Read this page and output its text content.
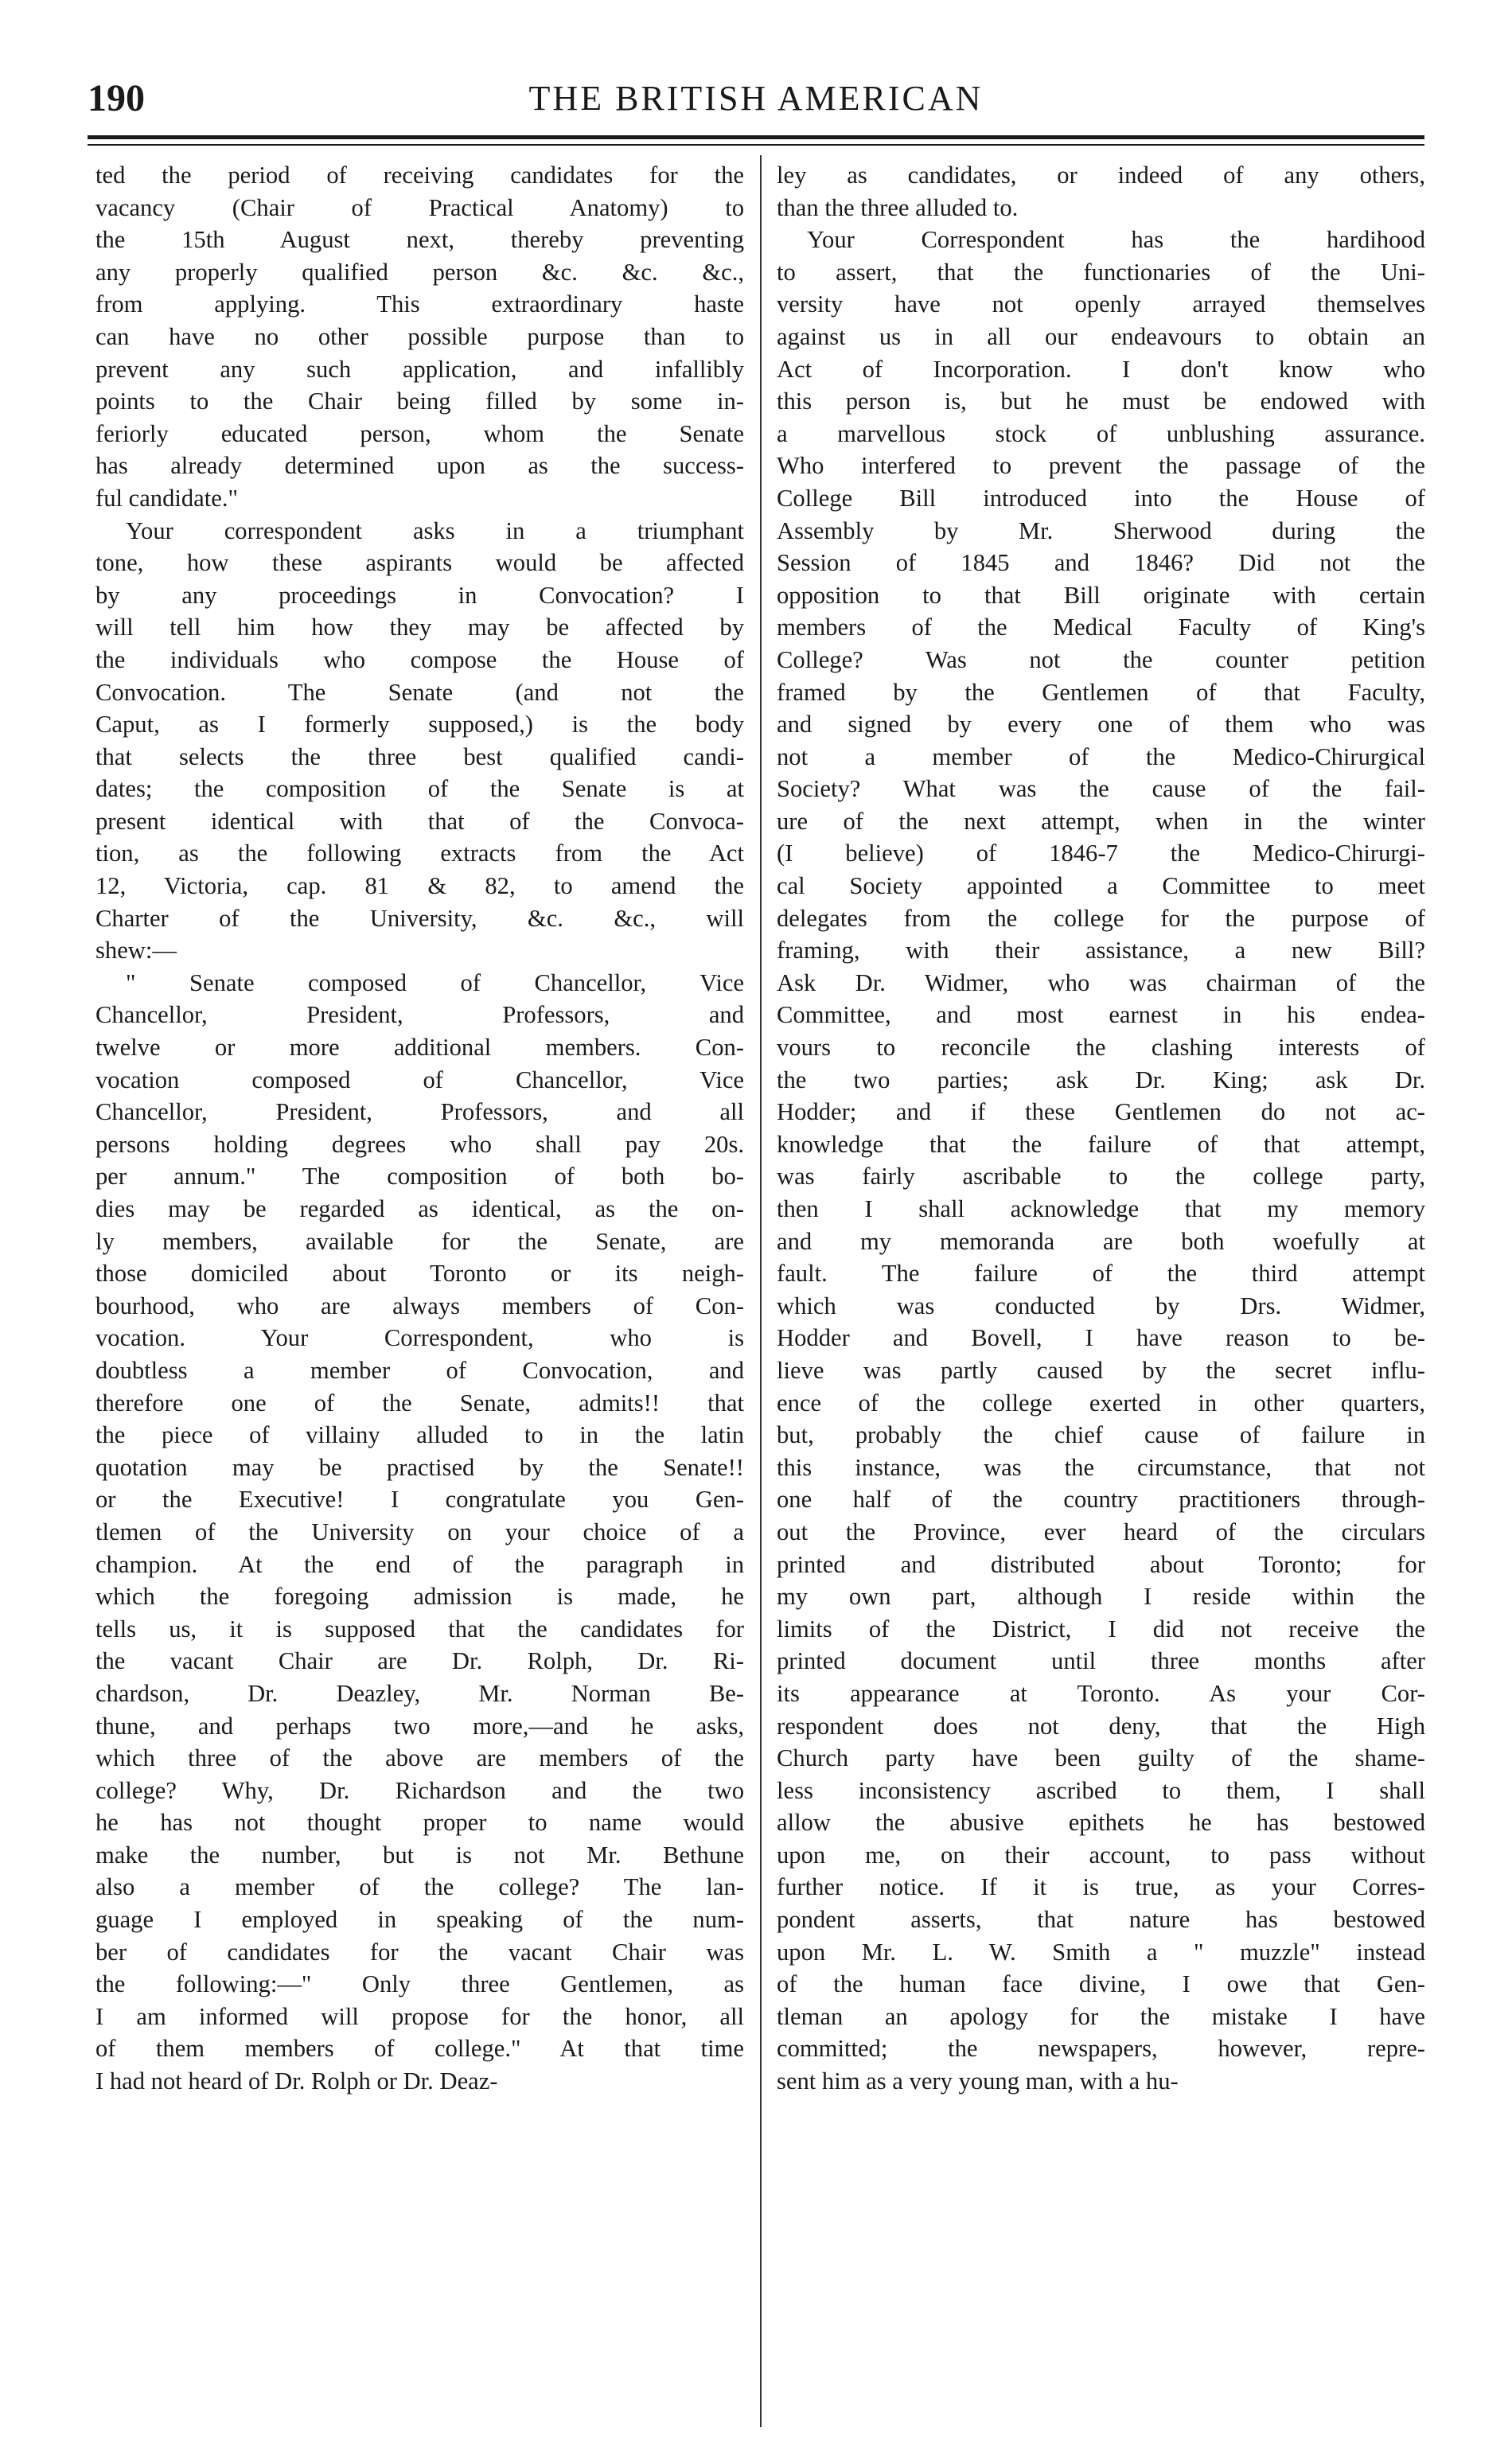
190	THE BRITISH AMERICAN
ted the period of receiving candidates for the
vacancy (Chair of Practical Anatomy) to
the 15th August next, thereby preventing
any properly qualified person &c. &c. &c.,
from applying. This extraordinary haste
can have no other possible purpose than to
prevent any such application, and infallibly
points to the Chair being filled by some in-
feriorly educated person, whom the Senate
has already determined upon as the success-
ful candidate."
Your correspondent asks in a triumphant
tone, how these aspirants would be affected
by any proceedings in Convocation? I
will tell him how they may be affected by
the individuals who compose the House of
Convocation. The Senate (and not the
Caput, as I formerly supposed,) is the body
that selects the three best qualified candi-
dates; the composition of the Senate is at
present identical with that of the Convoca-
tion, as the following extracts from the Act
12, Victoria, cap. 81 & 82, to amend the
Charter of the University, &c. &c., will
shew:—
" Senate composed of Chancellor, Vice
Chancellor, President, Professors, and
twelve or more additional members. Con-
vocation composed of Chancellor, Vice
Chancellor, President, Professors, and all
persons holding degrees who shall pay 20s.
per annum." The composition of both bo-
dies may be regarded as identical, as the on-
ly members, available for the Senate, are
those domiciled about Toronto or its neigh-
bourhood, who are always members of Con-
vocation. Your Correspondent, who is
doubtless a member of Convocation, and
therefore one of the Senate, admits!! that
the piece of villainy alluded to in the latin
quotation may be practised by the Senate!!
or the Executive! I congratulate you Gen-
tlemen of the University on your choice of a
champion. At the end of the paragraph in
which the foregoing admission is made, he
tells us, it is supposed that the candidates for
the vacant Chair are Dr. Rolph, Dr. Ri-
chardson, Dr. Deazley, Mr. Norman Be-
thune, and perhaps two more,—and he asks,
which three of the above are members of the
college? Why, Dr. Richardson and the two
he has not thought proper to name would
make the number, but is not Mr. Bethune
also a member of the college? The lan-
guage I employed in speaking of the num-
ber of candidates for the vacant Chair was
the following:—" Only three Gentlemen, as
I am informed will propose for the honor, all
of them members of college." At that time
I had not heard of Dr. Rolph or Dr. Deaz-
ley as candidates, or indeed of any others,
than the three alluded to.
Your Correspondent has the hardihood
to assert, that the functionaries of the Uni-
versity have not openly arrayed themselves
against us in all our endeavours to obtain an
Act of Incorporation. I don't know who
this person is, but he must be endowed with
a marvellous stock of unblushing assurance.
Who interfered to prevent the passage of the
College Bill introduced into the House of
Assembly by Mr. Sherwood during the
Session of 1845 and 1846? Did not the
opposition to that Bill originate with certain
members of the Medical Faculty of King's
College? Was not the counter petition
framed by the Gentlemen of that Faculty,
and signed by every one of them who was
not a member of the Medico-Chirurgical
Society? What was the cause of the fail-
ure of the next attempt, when in the winter
(I believe) of 1846-7 the Medico-Chirurgi-
cal Society appointed a Committee to meet
delegates from the college for the purpose of
framing, with their assistance, a new Bill?
Ask Dr. Widmer, who was chairman of the
Committee, and most earnest in his endea-
vours to reconcile the clashing interests of
the two parties; ask Dr. King; ask Dr.
Hodder; and if these Gentlemen do not ac-
knowledge that the failure of that attempt,
was fairly ascribable to the college party,
then I shall acknowledge that my memory
and my memoranda are both woefully at
fault. The failure of the third attempt
which was conducted by Drs. Widmer,
Hodder and Bovell, I have reason to be-
lieve was partly caused by the secret influ-
ence of the college exerted in other quarters,
but, probably the chief cause of failure in
this instance, was the circumstance, that not
one half of the country practitioners through-
out the Province, ever heard of the circulars
printed and distributed about Toronto; for
my own part, although I reside within the
limits of the District, I did not receive the
printed document until three months after
its appearance at Toronto. As your Cor-
respondent does not deny, that the High
Church party have been guilty of the shame-
less inconsistency ascribed to them, I shall
allow the abusive epithets he has bestowed
upon me, on their account, to pass without
further notice. If it is true, as your Corres-
pondent asserts, that nature has bestowed
upon Mr. L. W. Smith a " muzzle" instead
of the human face divine, I owe that Gen-
tleman an apology for the mistake I have
committed; the newspapers, however, repre-
sent him as a very young man, with a hu-
